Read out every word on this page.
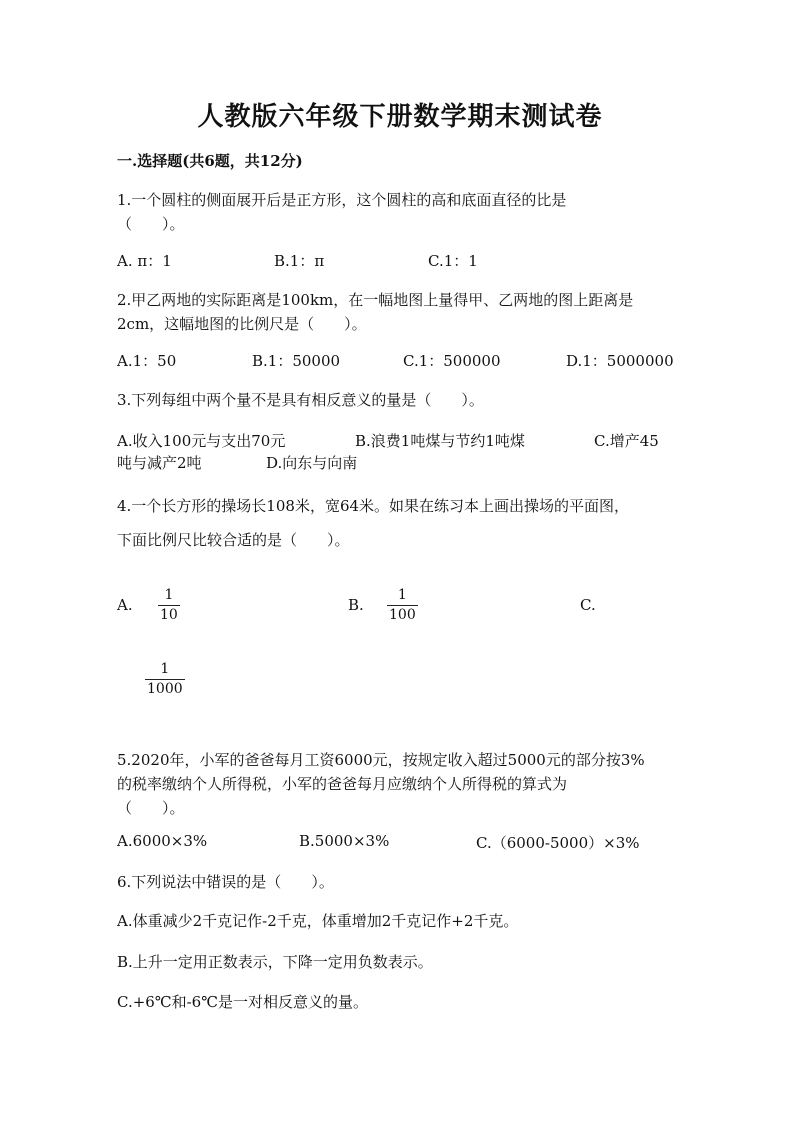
人教版六年级下册数学期末测试卷
一.选择题(共6题，共12分)
1.一个圆柱的侧面展开后是正方形，这个圆柱的高和底面直径的比是
（　　）。
A. π：1	B.1：π	C.1：1
2.甲乙两地的实际距离是100km，在一幅地图上量得甲、乙两地的图上距离是
2cm，这幅地图的比例尺是（　　）。
A.1：50	B.1：50000	C.1：500000	D.1：5000000
3.下列每组中两个量不是具有相反意义的量是（　　）。
A.收入100元与支出70元	B.浪费1吨煤与节约1吨煤	C.增产45
吨与减产2吨	D.向东与向南
4.一个长方形的操场长108米，宽64米。如果在练习本上画出操场的平面图，
下面比例尺比较合适的是（　　）。
A.
1
10
B.
1
100
C.
1
1000
5.2020年，小军的爸爸每月工资6000元，按规定收入超过5000元的部分按3%
的税率缴纳个人所得税，小军的爸爸每月应缴纳个人所得税的算式为
（　　）。
A.6000×3%	B.5000×3%	C.（6000-5000）×3%
6.下列说法中错误的是（　　）。
A.体重减少2千克记作-2千克，体重增加2千克记作+2千克。
B.上升一定用正数表示，下降一定用负数表示。
C.+6℃和-6℃是一对相反意义的量。
